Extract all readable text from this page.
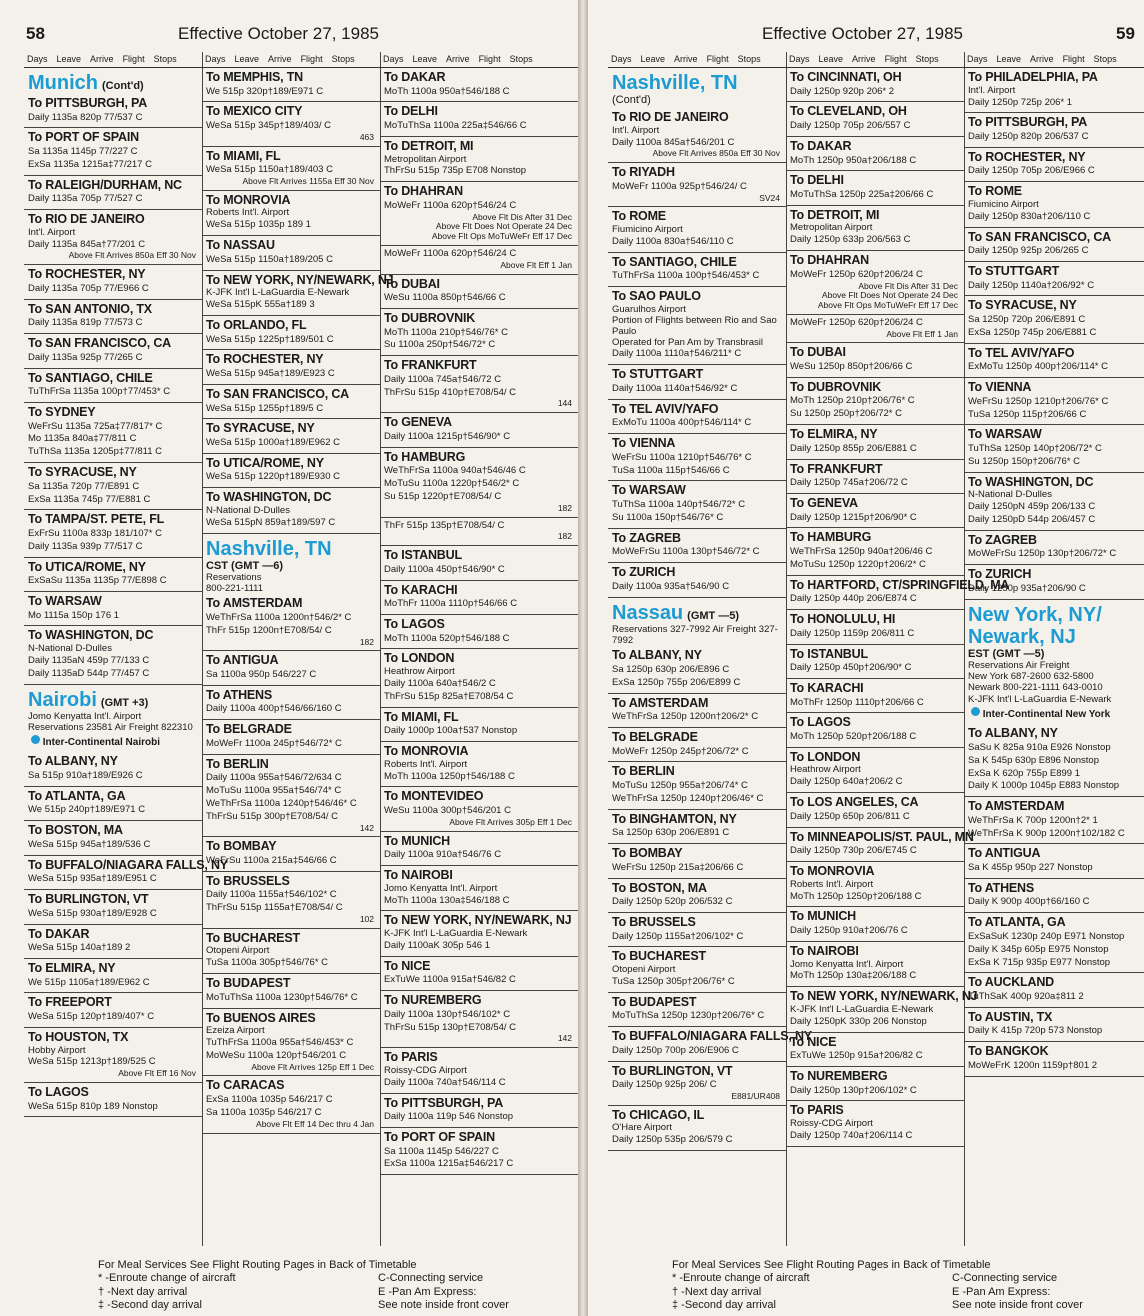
58	Effective October 27, 1985
Days Leave Arrive Flight Stops
Munich (Cont'd)
To PITTSBURGH, PA
Daily 1135a 820p 77/537 C
To PORT OF SPAIN
Sa 1135a 1145p 77/227 C
ExSa 1135a 1215a‡77/217 C
To RALEIGH/DURHAM, NC
Daily 1135a 705p 77/527 C
To RIO DE JANEIRO
Int'l. Airport
Daily 1135a 845a†77/201 C
Above Flt Arrives 850a Eff 30 Nov
To ROCHESTER, NY
Daily 1135a 705p 77/E966 C
To SAN ANTONIO, TX
Daily 1135a 819p 77/573 C
To SAN FRANCISCO, CA
Daily 1135a 925p 77/265 C
To SANTIAGO, CHILE
TuThFrSa 1135a 100p†77/453* C
To SYDNEY
WeFrSu 1135a 725a‡77/817* C
Mo 1135a 840a‡77/811 C
TuThSa 1135a 1205p‡77/811 C
To SYRACUSE, NY
Sa 1135a 720p 77/E891 C
ExSa 1135a 745p 77/E881 C
To TAMPA/ST. PETE, FL
ExFrSu 1100a 833p 181/107* C
Daily 1135a 939p 77/517 C
To UTICA/ROME, NY
ExSaSu 1135a 1135p 77/E898 C
To WARSAW
Mo 1115a 150p 176 1
To WASHINGTON, DC
N-National D-Dulles
Daily 1135aN 459p 77/133 C
Daily 1135aD 544p 77/457 C
Nairobi (GMT +3)
Jomo Kenyatta Int'l. Airport
Reservations 23581 Air Freight 822310
Inter-Continental Nairobi
To ALBANY, NY
Sa 515p 910a†189/E926 C
To ATLANTA, GA
We 515p 240p†189/E971 C
To BOSTON, MA
WeSa 515p 945a†189/536 C
To BUFFALO/NIAGARA FALLS, NY
WeSa 515p 935a†189/E951 C
To BURLINGTON, VT
WeSa 515p 930a†189/E928 C
To DAKAR
WeSa 515p 140a†189 2
To ELMIRA, NY
We 515p 1105a†189/E962 C
To FREEPORT
WeSa 515p 120p†189/407* C
To HOUSTON, TX
Hobby Airport
WeSa 515p 1213p†189/525 C
Above Flt Eff 16 Nov
To LAGOS
WeSa 515p 810p 189 Nonstop
Days Leave Arrive Flight Stops
To MEMPHIS, TN
We 515p 320p†189/E971 C
To MEXICO CITY
WeSa 515p 345p†189/403/ C
463
To MIAMI, FL
WeSa 515p 1150a†189/403 C
Above Flt Arrives 1155a Eff 30 Nov
To MONROVIA
Roberts Int'l. Airport
WeSa 515p 1035p 189 1
To NASSAU
WeSa 515p 1150a†189/205 C
To NEW YORK, NY/NEWARK, NJ
K-JFK Int'l L-LaGuardia E-Newark
WeSa 515pK 555a†189 3
To ORLANDO, FL
WeSa 515p 1225p†189/501 C
To ROCHESTER, NY
WeSa 515p 945a†189/E923 C
To SAN FRANCISCO, CA
WeSa 515p 1255p†189/5 C
To SYRACUSE, NY
WeSa 515p 1000a†189/E962 C
To UTICA/ROME, NY
WeSa 515p 1220p†189/E930 C
To WASHINGTON, DC
N-National D-Dulles
WeSa 515pN 859a†189/597 C
Nashville, TN
CST (GMT —6)
Reservations
800-221-1111
To AMSTERDAM
WeThFrSa 1100a 1200n†546/2* C
ThFr 515p 1200n†E708/54/ C
182
To ANTIGUA
Sa 1100a 950p 546/227 C
To ATHENS
Daily 1100a 400p†546/66/160 C
To BELGRADE
MoWeFr 1100a 245p†546/72* C
To BERLIN
Daily 1100a 955a†546/72/634 C
MoTuSu 1100a 955a†546/74* C
WeThFrSa 1100a 1240p†546/46* C
ThFrSu 515p 300p†E708/54/ C
142
To BOMBAY
WeFrSu 1100a 215a‡546/66 C
To BRUSSELS
Daily 1100a 1155a†546/102* C
ThFrSu 515p 1155a†E708/54/ C
102
To BUCHAREST
Otopeni Airport
TuSa 1100a 305p†546/76* C
To BUDAPEST
MoTuThSa 1100a 1230p†546/76* C
To BUENOS AIRES
Ezeiza Airport
TuThFrSa 1100a 955a†546/453* C
MoWeSu 1100a 120p†546/201 C
Above Flt Arrives 125p Eff 1 Dec
To CARACAS
ExSa 1100a 1035p 546/217 C
Sa 1100a 1035p 546/217 C
Above Flt Eff 14 Dec thru 4 Jan
Days Leave Arrive Flight Stops
To DAKAR
MoTh 1100a 950a†546/188 C
To DELHI
MoTuThSa 1100a 225a‡546/66 C
To DETROIT, MI
Metropolitan Airport
ThFrSu 515p 735p E708 Nonstop
To DHAHRAN
MoWeFr 1100a 620p†546/24 C
Above Flt Dis After 31 Dec
Above Flt Does Not Operate 24 Dec
Above Flt Ops MoTuWeFr Eff 17 Dec
MoWeFr 1100a 620p†546/24 C
Above Flt Eff 1 Jan
To DUBAI
WeSu 1100a 850p†546/66 C
To DUBROVNIK
MoTh 1100a 210p†546/76* C
Su 1100a 250p†546/72* C
To FRANKFURT
Daily 1100a 745a†546/72 C
ThFrSu 515p 410p†E708/54/ C
144
To GENEVA
Daily 1100a 1215p†546/90* C
To HAMBURG
WeThFrSa 1100a 940a†546/46 C
MoTuSu 1100a 1220p†546/2* C
Su 515p 1220p†E708/54/ C
182
ThFr 515p 135p†E708/54/ C
182
To ISTANBUL
Daily 1100a 450p†546/90* C
To KARACHI
MoThFr 1100a 1110p†546/66 C
To LAGOS
MoTh 1100a 520p†546/188 C
To LONDON
Heathrow Airport
Daily 1100a 640a†546/2 C
ThFrSu 515p 825a†E708/54 C
To MIAMI, FL
Daily 1000p 100a†537 Nonstop
To MONROVIA
Roberts Int'l. Airport
MoTh 1100a 1250p†546/188 C
To MONTEVIDEO
WeSu 1100a 300p†546/201 C
Above Flt Arrives 305p Eff 1 Dec
To MUNICH
Daily 1100a 910a†546/76 C
To NAIROBI
Jomo Kenyatta Int'l. Airport
MoTh 1100a 130a‡546/188 C
To NEW YORK, NY/NEWARK, NJ
K-JFK Int'l L-LaGuardia E-Newark
Daily 1100aK 305p 546 1
To NICE
ExTuWe 1100a 915a†546/82 C
To NUREMBERG
Daily 1100a 130p†546/102* C
ThFrSu 515p 130p†E708/54/ C
142
To PARIS
Roissy-CDG Airport
Daily 1100a 740a†546/114 C
To PITTSBURGH, PA
Daily 1100a 119p 546 Nonstop
To PORT OF SPAIN
Sa 1100a 1145p 546/227 C
ExSa 1100a 1215a‡546/217 C
For Meal Services See Flight Routing Pages in Back of Timetable
* -Enroute change of aircraft	C-Connecting service
† -Next day arrival	E -Pan Am Express:
‡ -Second day arrival	See note inside front cover
Effective October 27, 1985	59
Days Leave Arrive Flight Stops
Nashville, TN
(Cont'd)
To RIO DE JANEIRO
Int'l. Airport
Daily 1100a 845a†546/201 C
Above Flt Arrives 850a Eff 30 Nov
To RIYADH
MoWeFr 1100a 925p†546/24/ C
SV24
To ROME
Fiumicino Airport
Daily 1100a 830a†546/110 C
To SANTIAGO, CHILE
TuThFrSa 1100a 100p†546/453* C
To SAO PAULO
Guarulhos Airport
Portion of Flights between Rio and Sao Paulo
Operated for Pan Am by Transbrasil
Daily 1100a 1110a†546/211* C
To STUTTGART
Daily 1100a 1140a†546/92* C
To TEL AVIV/YAFO
ExMoTu 1100a 400p†546/114* C
To VIENNA
WeFrSu 1100a 1210p†546/76* C
TuSa 1100a 115p†546/66 C
To WARSAW
TuThSa 1100a 140p†546/72* C
Su 1100a 150p†546/76* C
To ZAGREB
MoWeFrSu 1100a 130p†546/72* C
To ZURICH
Daily 1100a 935a†546/90 C
Nassau (GMT —5)
Reservations 327-7992 Air Freight 327-7992
To ALBANY, NY
Sa 1250p 630p 206/E896 C
ExSa 1250p 755p 206/E899 C
To AMSTERDAM
WeThFrSa 1250p 1200n†206/2* C
To BELGRADE
MoWeFr 1250p 245p†206/72* C
To BERLIN
MoTuSu 1250p 955a†206/74* C
WeThFrSa 1250p 1240p†206/46* C
To BINGHAMTON, NY
Sa 1250p 630p 206/E891 C
To BOMBAY
WeFrSu 1250p 215a‡206/66 C
To BOSTON, MA
Daily 1250p 520p 206/532 C
To BRUSSELS
Daily 1250p 1155a†206/102* C
To BUCHAREST
Otopeni Airport
TuSa 1250p 305p†206/76* C
To BUDAPEST
MoTuThSa 1250p 1230p†206/76* C
To BUFFALO/NIAGARA FALLS, NY
Daily 1250p 700p 206/E906 C
To BURLINGTON, VT
Daily 1250p 925p 206/ C
E881/UR408
To CHICAGO, IL
O'Hare Airport
Daily 1250p 535p 206/579 C
Days Leave Arrive Flight Stops
To CINCINNATI, OH
Daily 1250p 920p 206* 2
To CLEVELAND, OH
Daily 1250p 705p 206/557 C
To DAKAR
MoTh 1250p 950a†206/188 C
To DELHI
MoTuThSa 1250p 225a‡206/66 C
To DETROIT, MI
Metropolitan Airport
Daily 1250p 633p 206/563 C
To DHAHRAN
MoWeFr 1250p 620p†206/24 C
Above Flt Dis After 31 Dec
Above Flt Does Not Operate 24 Dec
Above Flt Ops MoTuWeFr Eff 17 Dec
MoWeFr 1250p 620p†206/24 C
Above Flt Eff 1 Jan
To DUBAI
WeSu 1250p 850p†206/66 C
To DUBROVNIK
MoTh 1250p 210p†206/76* C
Su 1250p 250p†206/72* C
To ELMIRA, NY
Daily 1250p 855p 206/E881 C
To FRANKFURT
Daily 1250p 745a†206/72 C
To GENEVA
Daily 1250p 1215p†206/90* C
To HAMBURG
WeThFrSa 1250p 940a†206/46 C
MoTuSu 1250p 1220p†206/2* C
To HARTFORD, CT/SPRINGFIELD, MA
Daily 1250p 440p 206/E874 C
To HONOLULU, HI
Daily 1250p 1159p 206/811 C
To ISTANBUL
Daily 1250p 450p†206/90* C
To KARACHI
MoThFr 1250p 1110p†206/66 C
To LAGOS
MoTh 1250p 520p†206/188 C
To LONDON
Heathrow Airport
Daily 1250p 640a†206/2 C
To LOS ANGELES, CA
Daily 1250p 650p 206/811 C
To MINNEAPOLIS/ST. PAUL, MN
Daily 1250p 730p 206/E745 C
To MONROVIA
Roberts Int'l. Airport
MoTh 1250p 1250p†206/188 C
To MUNICH
Daily 1250p 910a†206/76 C
To NAIROBI
Jomo Kenyatta Int'l. Airport
MoTh 1250p 130a‡206/188 C
To NEW YORK, NY/NEWARK, NJ
K-JFK Int'l L-LaGuardia E-Newark
Daily 1250pK 330p 206 Nonstop
To NICE
ExTuWe 1250p 915a†206/82 C
To NUREMBERG
Daily 1250p 130p†206/102* C
To PARIS
Roissy-CDG Airport
Daily 1250p 740a†206/114 C
Days Leave Arrive Flight Stops
To PHILADELPHIA, PA
Int'l. Airport
Daily 1250p 725p 206* 1
To PITTSBURGH, PA
Daily 1250p 820p 206/537 C
To ROCHESTER, NY
Daily 1250p 705p 206/E966 C
To ROME
Fiumicino Airport
Daily 1250p 830a†206/110 C
To SAN FRANCISCO, CA
Daily 1250p 925p 206/265 C
To STUTTGART
Daily 1250p 1140a†206/92* C
To SYRACUSE, NY
Sa 1250p 720p 206/E891 C
ExSa 1250p 745p 206/E881 C
To TEL AVIV/YAFO
ExMoTu 1250p 400p†206/114* C
To VIENNA
WeFrSu 1250p 1210p†206/76* C
TuSa 1250p 115p†206/66 C
To WARSAW
TuThSa 1250p 140p†206/72* C
Su 1250p 150p†206/76* C
To WASHINGTON, DC
N-National D-Dulles
Daily 1250pN 459p 206/133 C
Daily 1250pD 544p 206/457 C
To ZAGREB
MoWeFrSu 1250p 130p†206/72* C
To ZURICH
Daily 1250p 935a†206/90 C
New York, NY/ Newark, NJ
EST (GMT —5)
Reservations Air Freight
New York 687-2600 632-5800
Newark 800-221-1111 643-0010
K-JFK Int'l L-LaGuardia E-Newark
Inter-Continental New York
To ALBANY, NY
SaSu K 825a 910a E926 Nonstop
Sa K 545p 630p E896 Nonstop
ExSa K 620p 755p E899 1
Daily K 1000p 1045p E883 Nonstop
To AMSTERDAM
WeThFrSa K 700p 1200n†2* 1
WeThFrSa K 900p 1200n†102/182 C
To ANTIGUA
Sa K 455p 950p 227 Nonstop
To ATHENS
Daily K 900p 400p†66/160 C
To ATLANTA, GA
ExSaSuK 1230p 240p E971 Nonstop
Daily K 345p 605p E975 Nonstop
ExSa K 715p 935p E977 Nonstop
To AUCKLAND
TuThSaK 400p 920a‡811 2
To AUSTIN, TX
Daily K 415p 720p 573 Nonstop
To BANGKOK
MoWeFrK 1200n 1159p†801 2
For Meal Services See Flight Routing Pages in Back of Timetable
* -Enroute change of aircraft	C-Connecting service
† -Next day arrival	E -Pan Am Express:
‡ -Second day arrival	See note inside front cover
